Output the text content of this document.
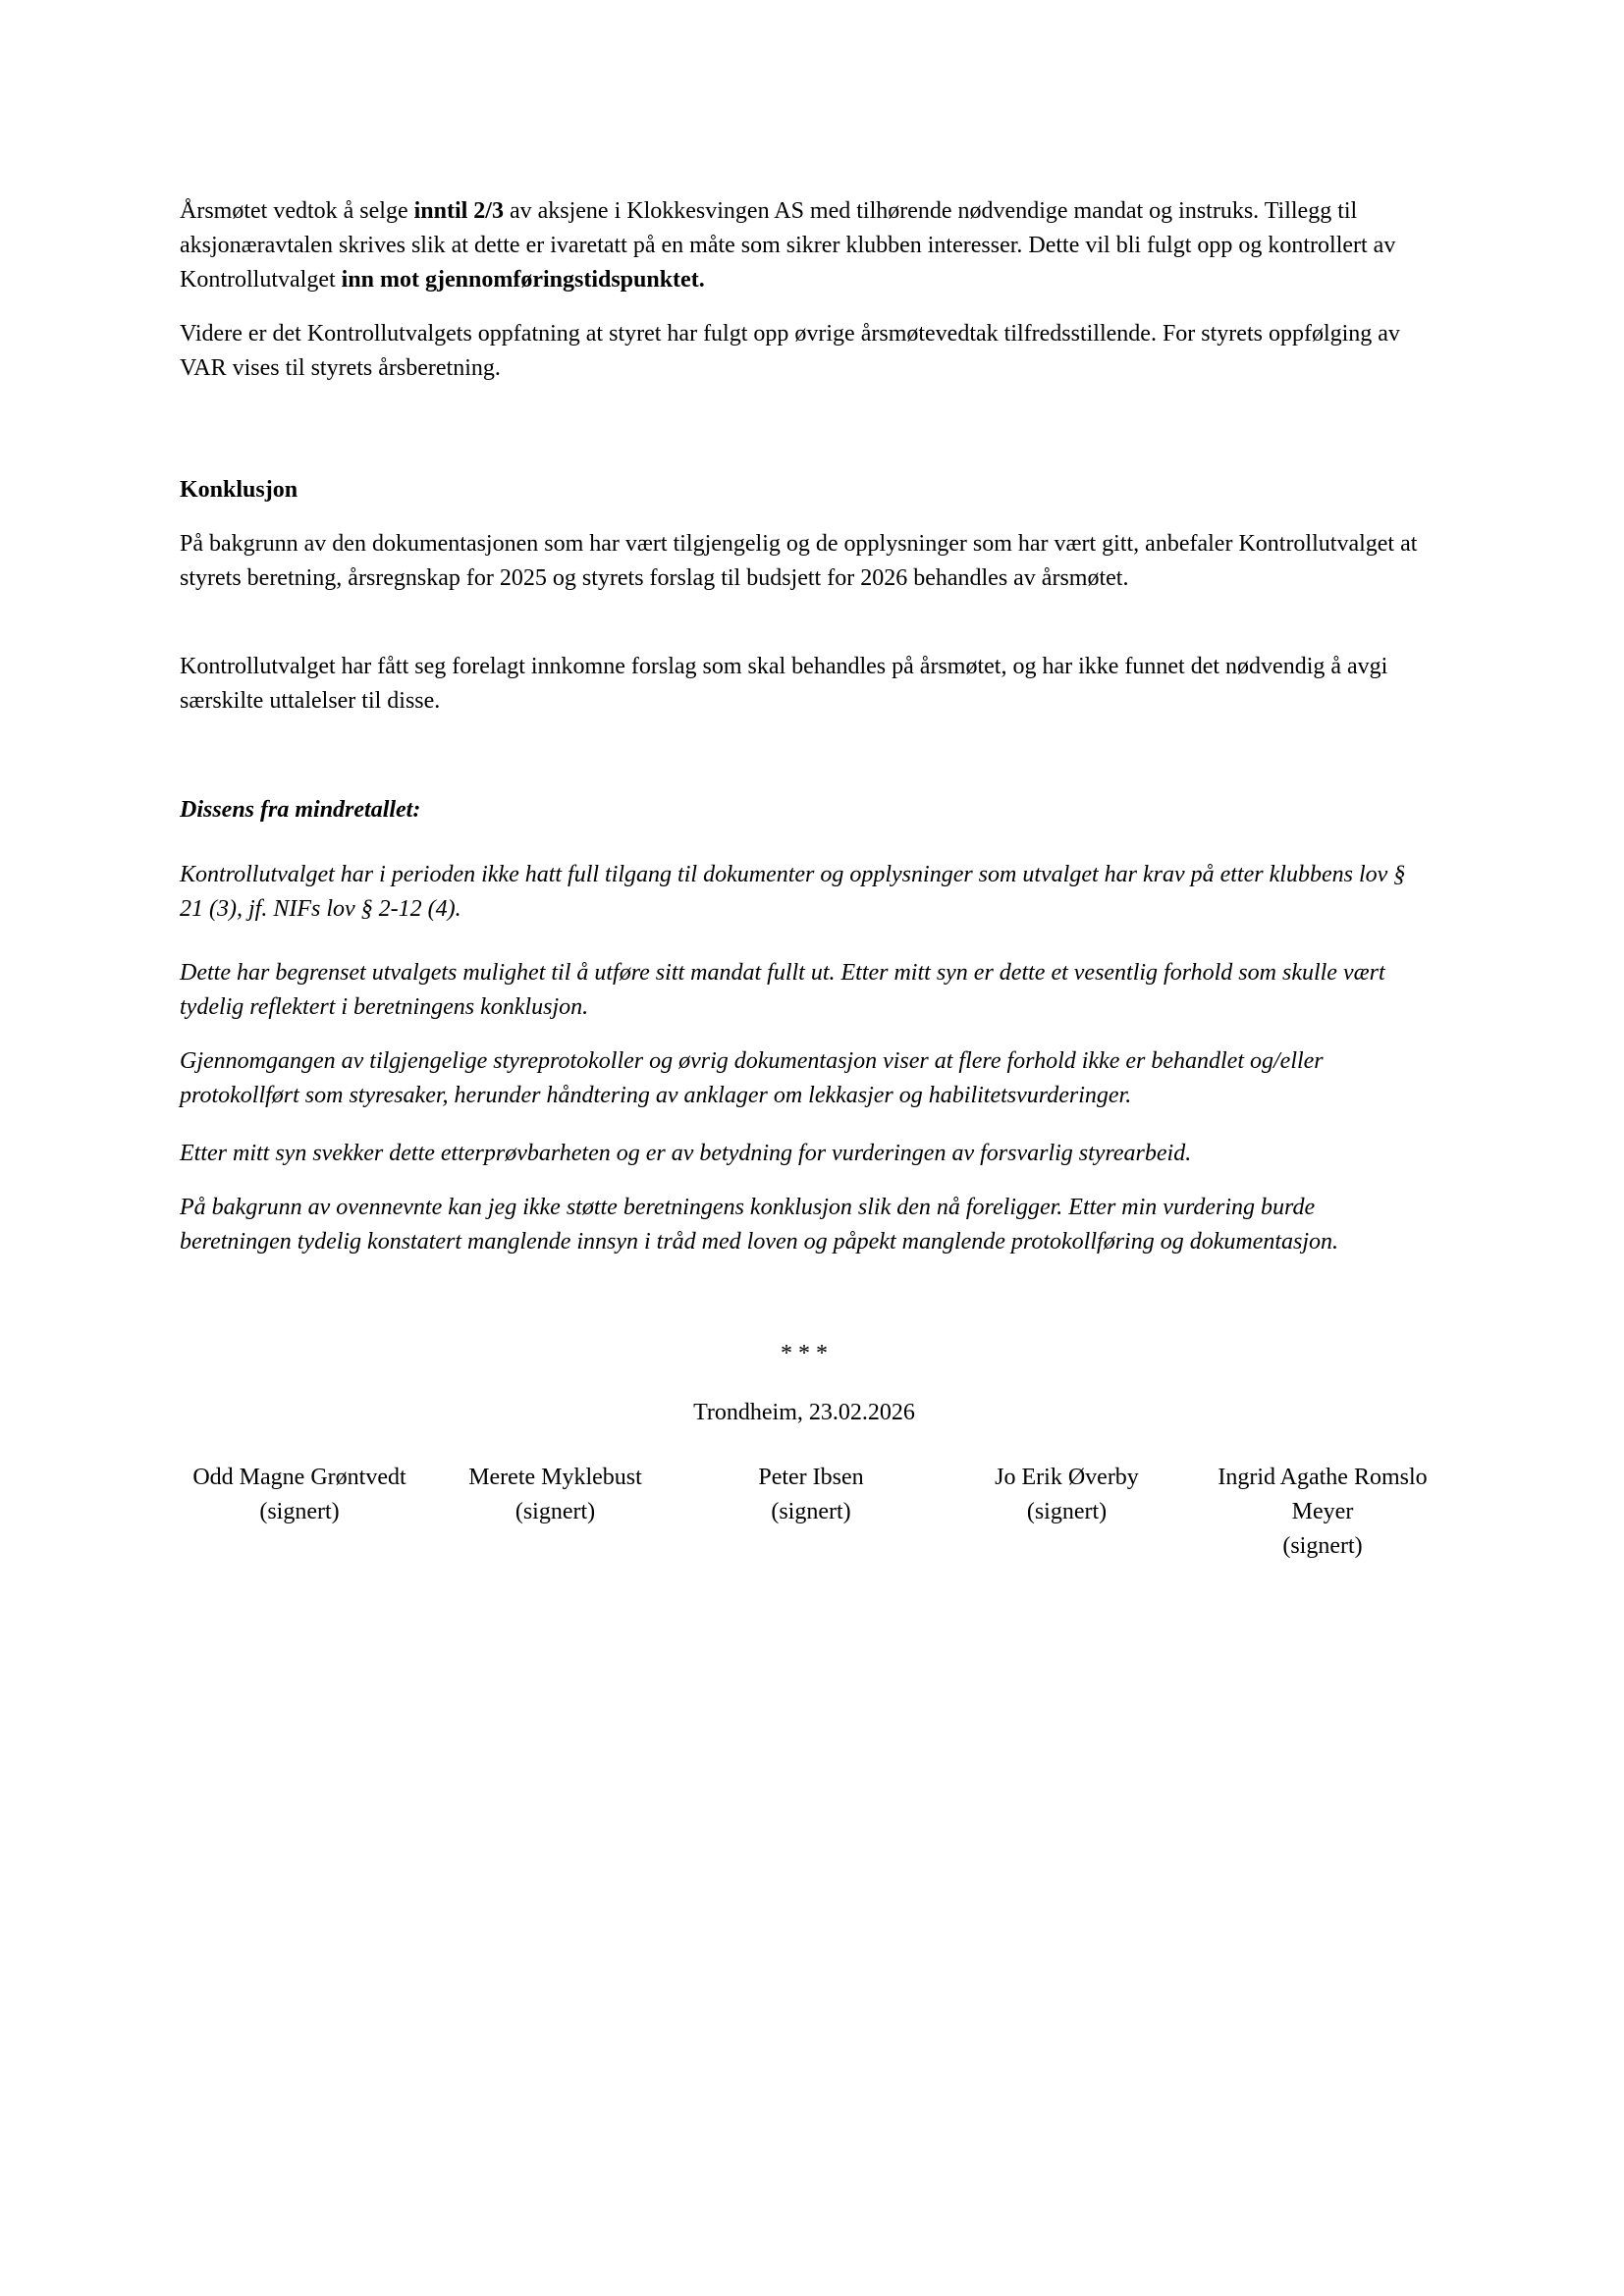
Årsmøtet vedtok å selge inntil 2/3 av aksjene i Klokkesvingen AS med tilhørende nødvendige mandat og instruks. Tillegg til aksjonæravtalen skrives slik at dette er ivaretatt på en måte som sikrer klubben interesser. Dette vil bli fulgt opp og kontrollert av Kontrollutvalget inn mot gjennomføringstidspunktet.

Videre er det Kontrollutvalgets oppfatning at styret har fulgt opp øvrige årsmøtevedtak tilfredsstillende. For styrets oppfølging av VAR vises til styrets årsberetning.

Konklusjon

På bakgrunn av den dokumentasjonen som har vært tilgjengelig og de opplysninger som har vært gitt, anbefaler Kontrollutvalget at styrets beretning, årsregnskap for 2025 og styrets forslag til budsjett for 2026 behandles av årsmøtet.

Kontrollutvalget har fått seg forelagt innkomne forslag som skal behandles på årsmøtet, og har ikke funnet det nødvendig å avgi særskilte uttalelser til disse.

Dissens fra mindretallet:

Kontrollutvalget har i perioden ikke hatt full tilgang til dokumenter og opplysninger som utvalget har krav på etter klubbens lov § 21 (3), jf. NIFs lov § 2-12 (4).

Dette har begrenset utvalgets mulighet til å utføre sitt mandat fullt ut. Etter mitt syn er dette et vesentlig forhold som skulle vært tydelig reflektert i beretningens konklusjon.

Gjennomgangen av tilgjengelige styreprotokoller og øvrig dokumentasjon viser at flere forhold ikke er behandlet og/eller protokollført som styresaker, herunder håndtering av anklager om lekkasjer og habilitetsvurderinger.

Etter mitt syn svekker dette etterprøvbarheten og er av betydning for vurderingen av forsvarlig styrearbeid.

På bakgrunn av ovennevnte kan jeg ikke støtte beretningens konklusjon slik den nå foreligger. Etter min vurdering burde beretningen tydelig konstatert manglende innsyn i tråd med loven og påpekt manglende protokollføring og dokumentasjon.

* * *

Trondheim, 23.02.2026

Odd Magne Grøntvedt
(signert)
Merete Myklebust
(signert)
Peter Ibsen
(signert)
Jo Erik Øverby
(signert)
Ingrid Agathe Romslo Meyer
(signert)
